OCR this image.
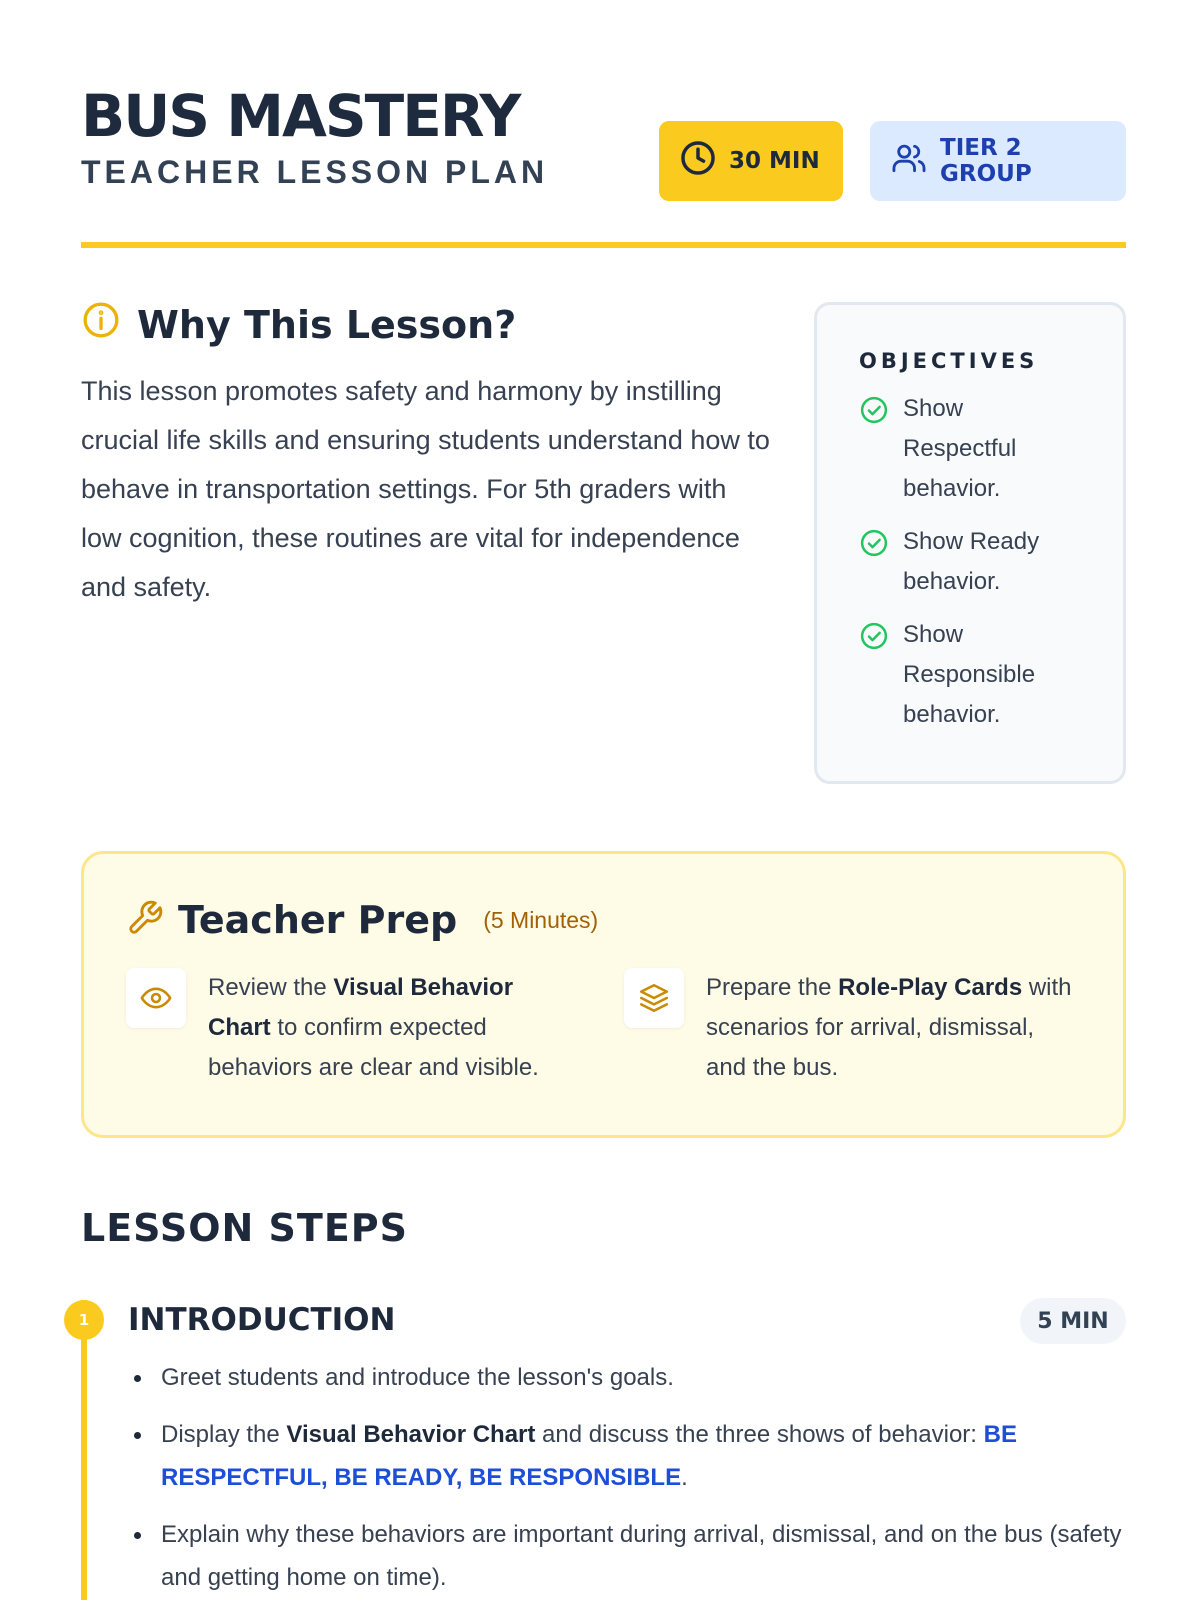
BUS MASTERY
TEACHER LESSON PLAN	30 MIN	TIER 2 GROUP
Why This Lesson?

This lesson promotes safety and harmony by instilling crucial life skills and ensuring students understand how to behave in transportation settings. For 5th graders with low cognition, these routines are vital for independence and safety.

OBJECTIVES
Show Respectful behavior.
Show Ready behavior.
Show Responsible behavior.
Teacher Prep (5 Minutes)

Review the Visual Behavior Chart to confirm expected behaviors are clear and visible.

Prepare the Role-Play Cards with scenarios for arrival, dismissal, and the bus.

LESSON STEPS
1	INTRODUCTION	5 MIN
Greet students and introduce the lesson's goals.
Display the Visual Behavior Chart and discuss the three shows of behavior: BE RESPECTFUL, BE READY, BE RESPONSIBLE.
Explain why these behaviors are important during arrival, dismissal, and on the bus (safety and getting home on time).
